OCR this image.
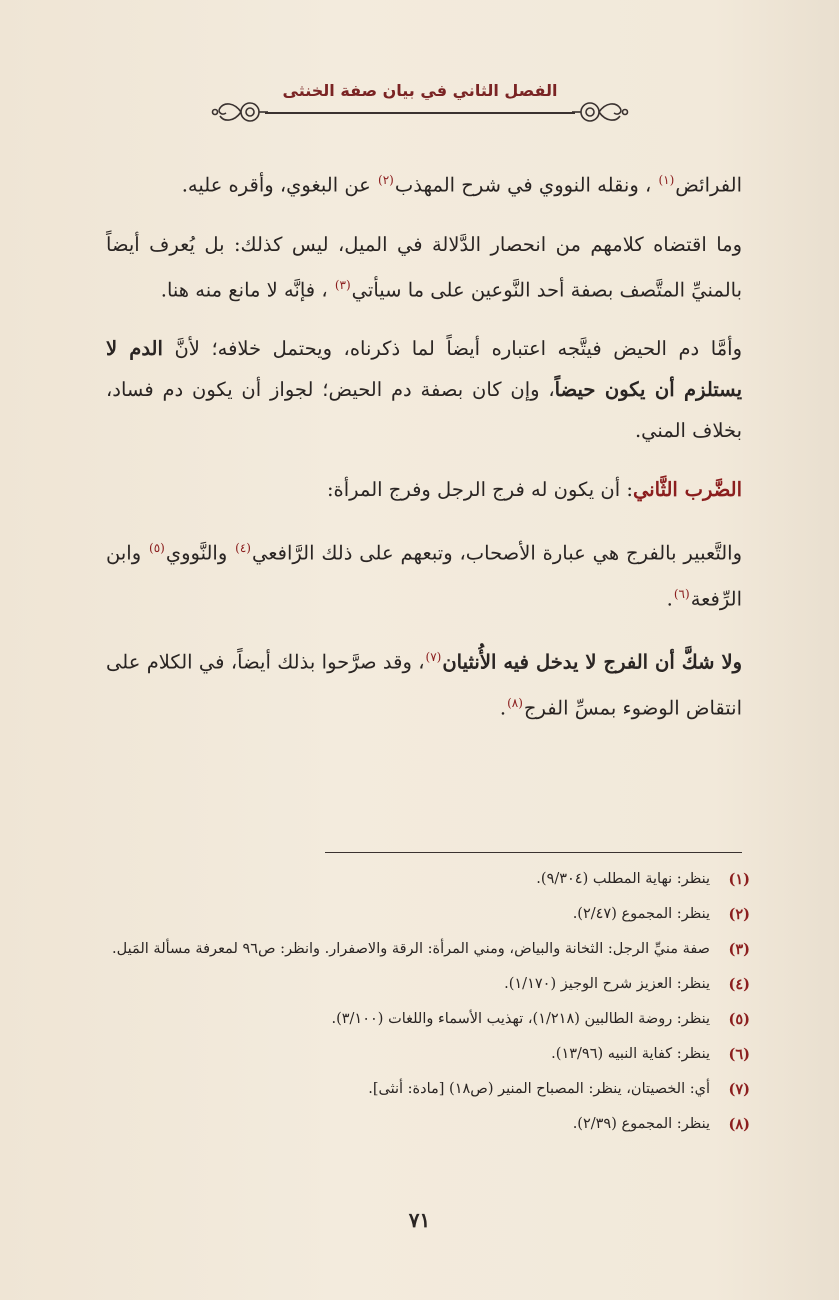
الفصل الثاني في بيان صفة الخنثى

الفرائض$^{(١)}$ ، ونقله النووي في شرح المهذب$^{(٢)}$ عن البغوي، وأقره عليه.

وما اقتضاه كلامهم من انحصار الدَّلالة في الميل، ليس كذلك: بل يُعرف أيضاً بالمنيِّ المتَّصف بصفة أحد النَّوعين على ما سيأتي$^{(٣)}$ ، فإنَّه لا مانع منه هنا.

وأمَّا دم الحيض فيتَّجه اعتباره أيضاً لما ذكرناه، ويحتمل خلافه؛ لأنَّ الدم لا يستلزم أن يكون حيضاً، وإن كان بصفة دم الحيض؛ لجواز أن يكون دم فساد، بخلاف المني.

الضَّرب الثَّاني: أن يكون له فرج الرجل وفرج المرأة:

والتَّعبير بالفرج هي عبارة الأصحاب، وتبعهم على ذلك الرَّافعي$^{(٤)}$ والنَّووي$^{(٥)}$ وابن الرِّفعة$^{(٦)}$.

ولا شكَّ أن الفرج لا يدخل فيه الأُنثيان$^{(٧)}$، وقد صرَّحوا بذلك أيضاً، في الكلام على انتقاض الوضوء بمسِّ الفرج$^{(٨)}$.

(١)
ينظر: نهاية المطلب (٩/٣٠٤).
(٢)
ينظر: المجموع (٢/٤٧).
(٣)
صفة منيِّ الرجل: الثخانة والبياض، ومني المرأة: الرقة والاصفرار. وانظر: ص٩٦ لمعرفة مسألة المَيل.
(٤)
ينظر: العزيز شرح الوجيز (١/١٧٠).
(٥)
ينظر: روضة الطالبين (١/٢١٨)، تهذيب الأسماء واللغات (٣/١٠٠).
(٦)
ينظر: كفاية النبيه (١٣/٩٦).
(٧)
أي: الخصيتان، ينظر: المصباح المنير (ص١٨) [مادة: أنثى].
(٨)
ينظر: المجموع (٢/٣٩).
٧١
